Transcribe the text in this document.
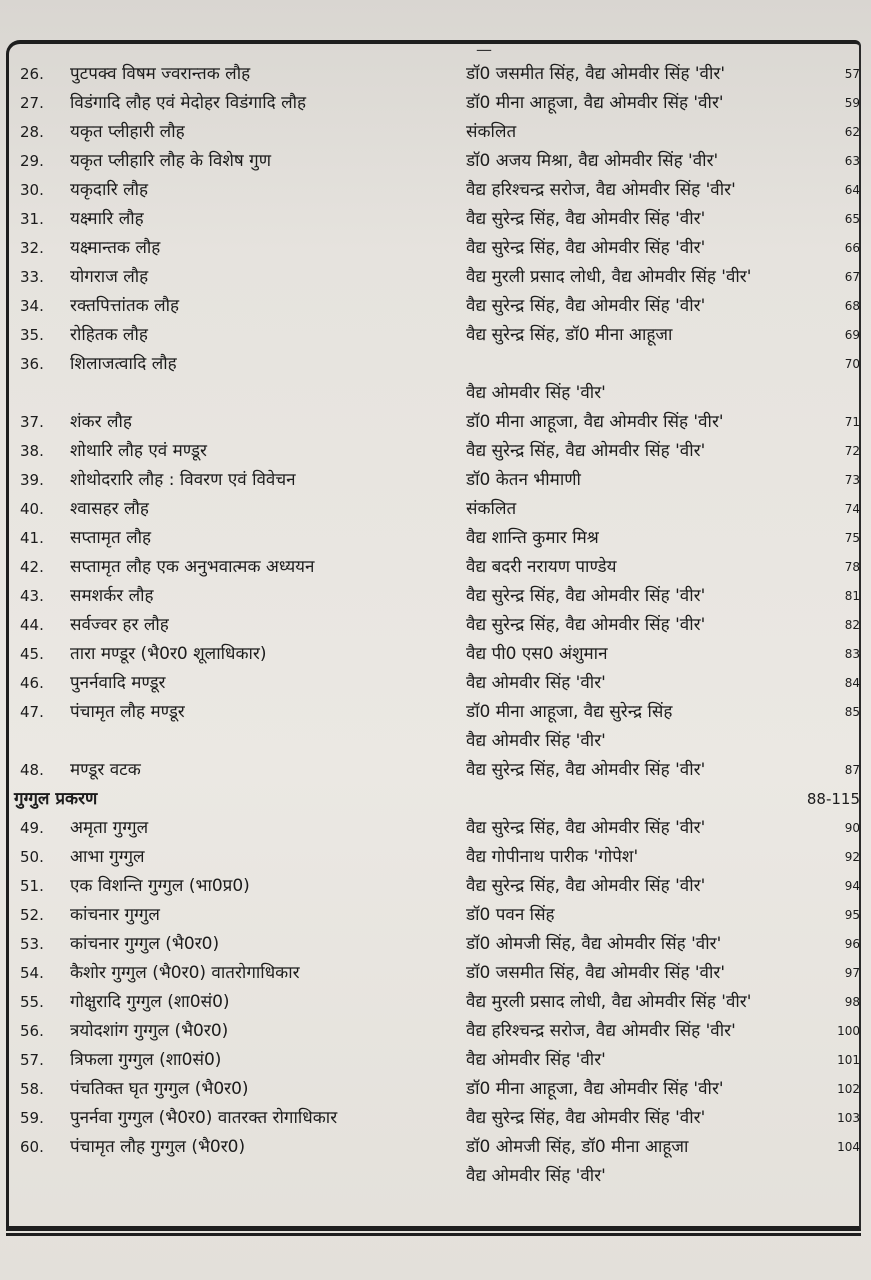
—
26.	पुटपक्व विषम ज्वरान्तक लौह	डॉ0 जसमीत सिंह, वैद्य ओमवीर सिंह 'वीर'	57
27.	विडंगादि लौह एवं मेदोहर विडंगादि लौह	डॉ0 मीना आहूजा, वैद्य ओमवीर सिंह 'वीर'	59
28.	यकृत प्लीहारी लौह	संकलित	62
29.	यकृत प्लीहारि लौह के विशेष गुण	डॉ0 अजय मिश्रा, वैद्य ओमवीर सिंह 'वीर'	63
30.	यकृदारि लौह	वैद्य हरिश्चन्द्र सरोज, वैद्य ओमवीर सिंह 'वीर'	64
31.	यक्ष्मारि लौह	वैद्य सुरेन्द्र सिंह, वैद्य ओमवीर सिंह 'वीर'	65
32.	यक्ष्मान्तक लौह	वैद्य सुरेन्द्र सिंह, वैद्य ओमवीर सिंह 'वीर'	66
33.	योगराज लौह	वैद्य मुरली प्रसाद लोधी, वैद्य ओमवीर सिंह 'वीर'	67
34.	रक्तपित्तांतक लौह	वैद्य सुरेन्द्र सिंह, वैद्य ओमवीर सिंह 'वीर'	68
35.	रोहितक लौह	वैद्य सुरेन्द्र सिंह, डॉ0 मीना आहूजा	69
36.	शिलाजत्वादि लौह	70
वैद्य ओमवीर सिंह 'वीर'
37.	शंकर लौह	डॉ0 मीना आहूजा, वैद्य ओमवीर सिंह 'वीर'	71
38.	शोथारि लौह एवं मण्डूर	वैद्य सुरेन्द्र सिंह, वैद्य ओमवीर सिंह 'वीर'	72
39.	शोथोदरारि लौह : विवरण एवं विवेचन	डॉ0 केतन भीमाणी	73
40.	श्वासहर लौह	संकलित	74
41.	सप्तामृत लौह	वैद्य शान्ति कुमार मिश्र	75
42.	सप्तामृत लौह एक अनुभवात्मक अध्ययन	वैद्य बदरी नरायण पाण्डेय	78
43.	समशर्कर लौह	वैद्य सुरेन्द्र सिंह, वैद्य ओमवीर सिंह 'वीर'	81
44.	सर्वज्वर हर लौह	वैद्य सुरेन्द्र सिंह, वैद्य ओमवीर सिंह 'वीर'	82
45.	तारा मण्डूर (भै0र0 शूलाधिकार)	वैद्य पी0 एस0 अंशुमान	83
46.	पुनर्नवादि मण्डूर	वैद्य ओमवीर सिंह 'वीर'	84
47.	पंचामृत लौह मण्डूर	डॉ0 मीना आहूजा, वैद्य सुरेन्द्र सिंह	85
वैद्य ओमवीर सिंह 'वीर'
48.	मण्डूर वटक	वैद्य सुरेन्द्र सिंह, वैद्य ओमवीर सिंह 'वीर'	87
गुग्गुल प्रकरण	88-115
49.	अमृता गुग्गुल	वैद्य सुरेन्द्र सिंह, वैद्य ओमवीर सिंह 'वीर'	90
50.	आभा गुग्गुल	वैद्य गोपीनाथ पारीक 'गोपेश'	92
51.	एक विशन्ति गुग्गुल (भा0प्र0)	वैद्य सुरेन्द्र सिंह, वैद्य ओमवीर सिंह 'वीर'	94
52.	कांचनार गुग्गुल	डॉ0 पवन सिंह	95
53.	कांचनार गुग्गुल (भै0र0)	डॉ0 ओमजी सिंह, वैद्य ओमवीर सिंह 'वीर'	96
54.	कैशोर गुग्गुल (भै0र0) वातरोगाधिकार	डॉ0 जसमीत सिंह, वैद्य ओमवीर सिंह 'वीर'	97
55.	गोक्षुरादि गुग्गुल (शा0सं0)	वैद्य मुरली प्रसाद लोधी, वैद्य ओमवीर सिंह 'वीर'	98
56.	त्रयोदशांग गुग्गुल (भै0र0)	वैद्य हरिश्चन्द्र सरोज, वैद्य ओमवीर सिंह 'वीर'	100
57.	त्रिफला गुग्गुल (शा0सं0)	वैद्य ओमवीर सिंह 'वीर'	101
58.	पंचतिक्त घृत गुग्गुल (भै0र0)	डॉ0 मीना आहूजा, वैद्य ओमवीर सिंह 'वीर'	102
59.	पुनर्नवा गुग्गुल (भै0र0) वातरक्त रोगाधिकार	वैद्य सुरेन्द्र सिंह, वैद्य ओमवीर सिंह 'वीर'	103
60.	पंचामृत लौह गुग्गुल (भै0र0)	डॉ0 ओमजी सिंह, डॉ0 मीना आहूजा	104
वैद्य ओमवीर सिंह 'वीर'
